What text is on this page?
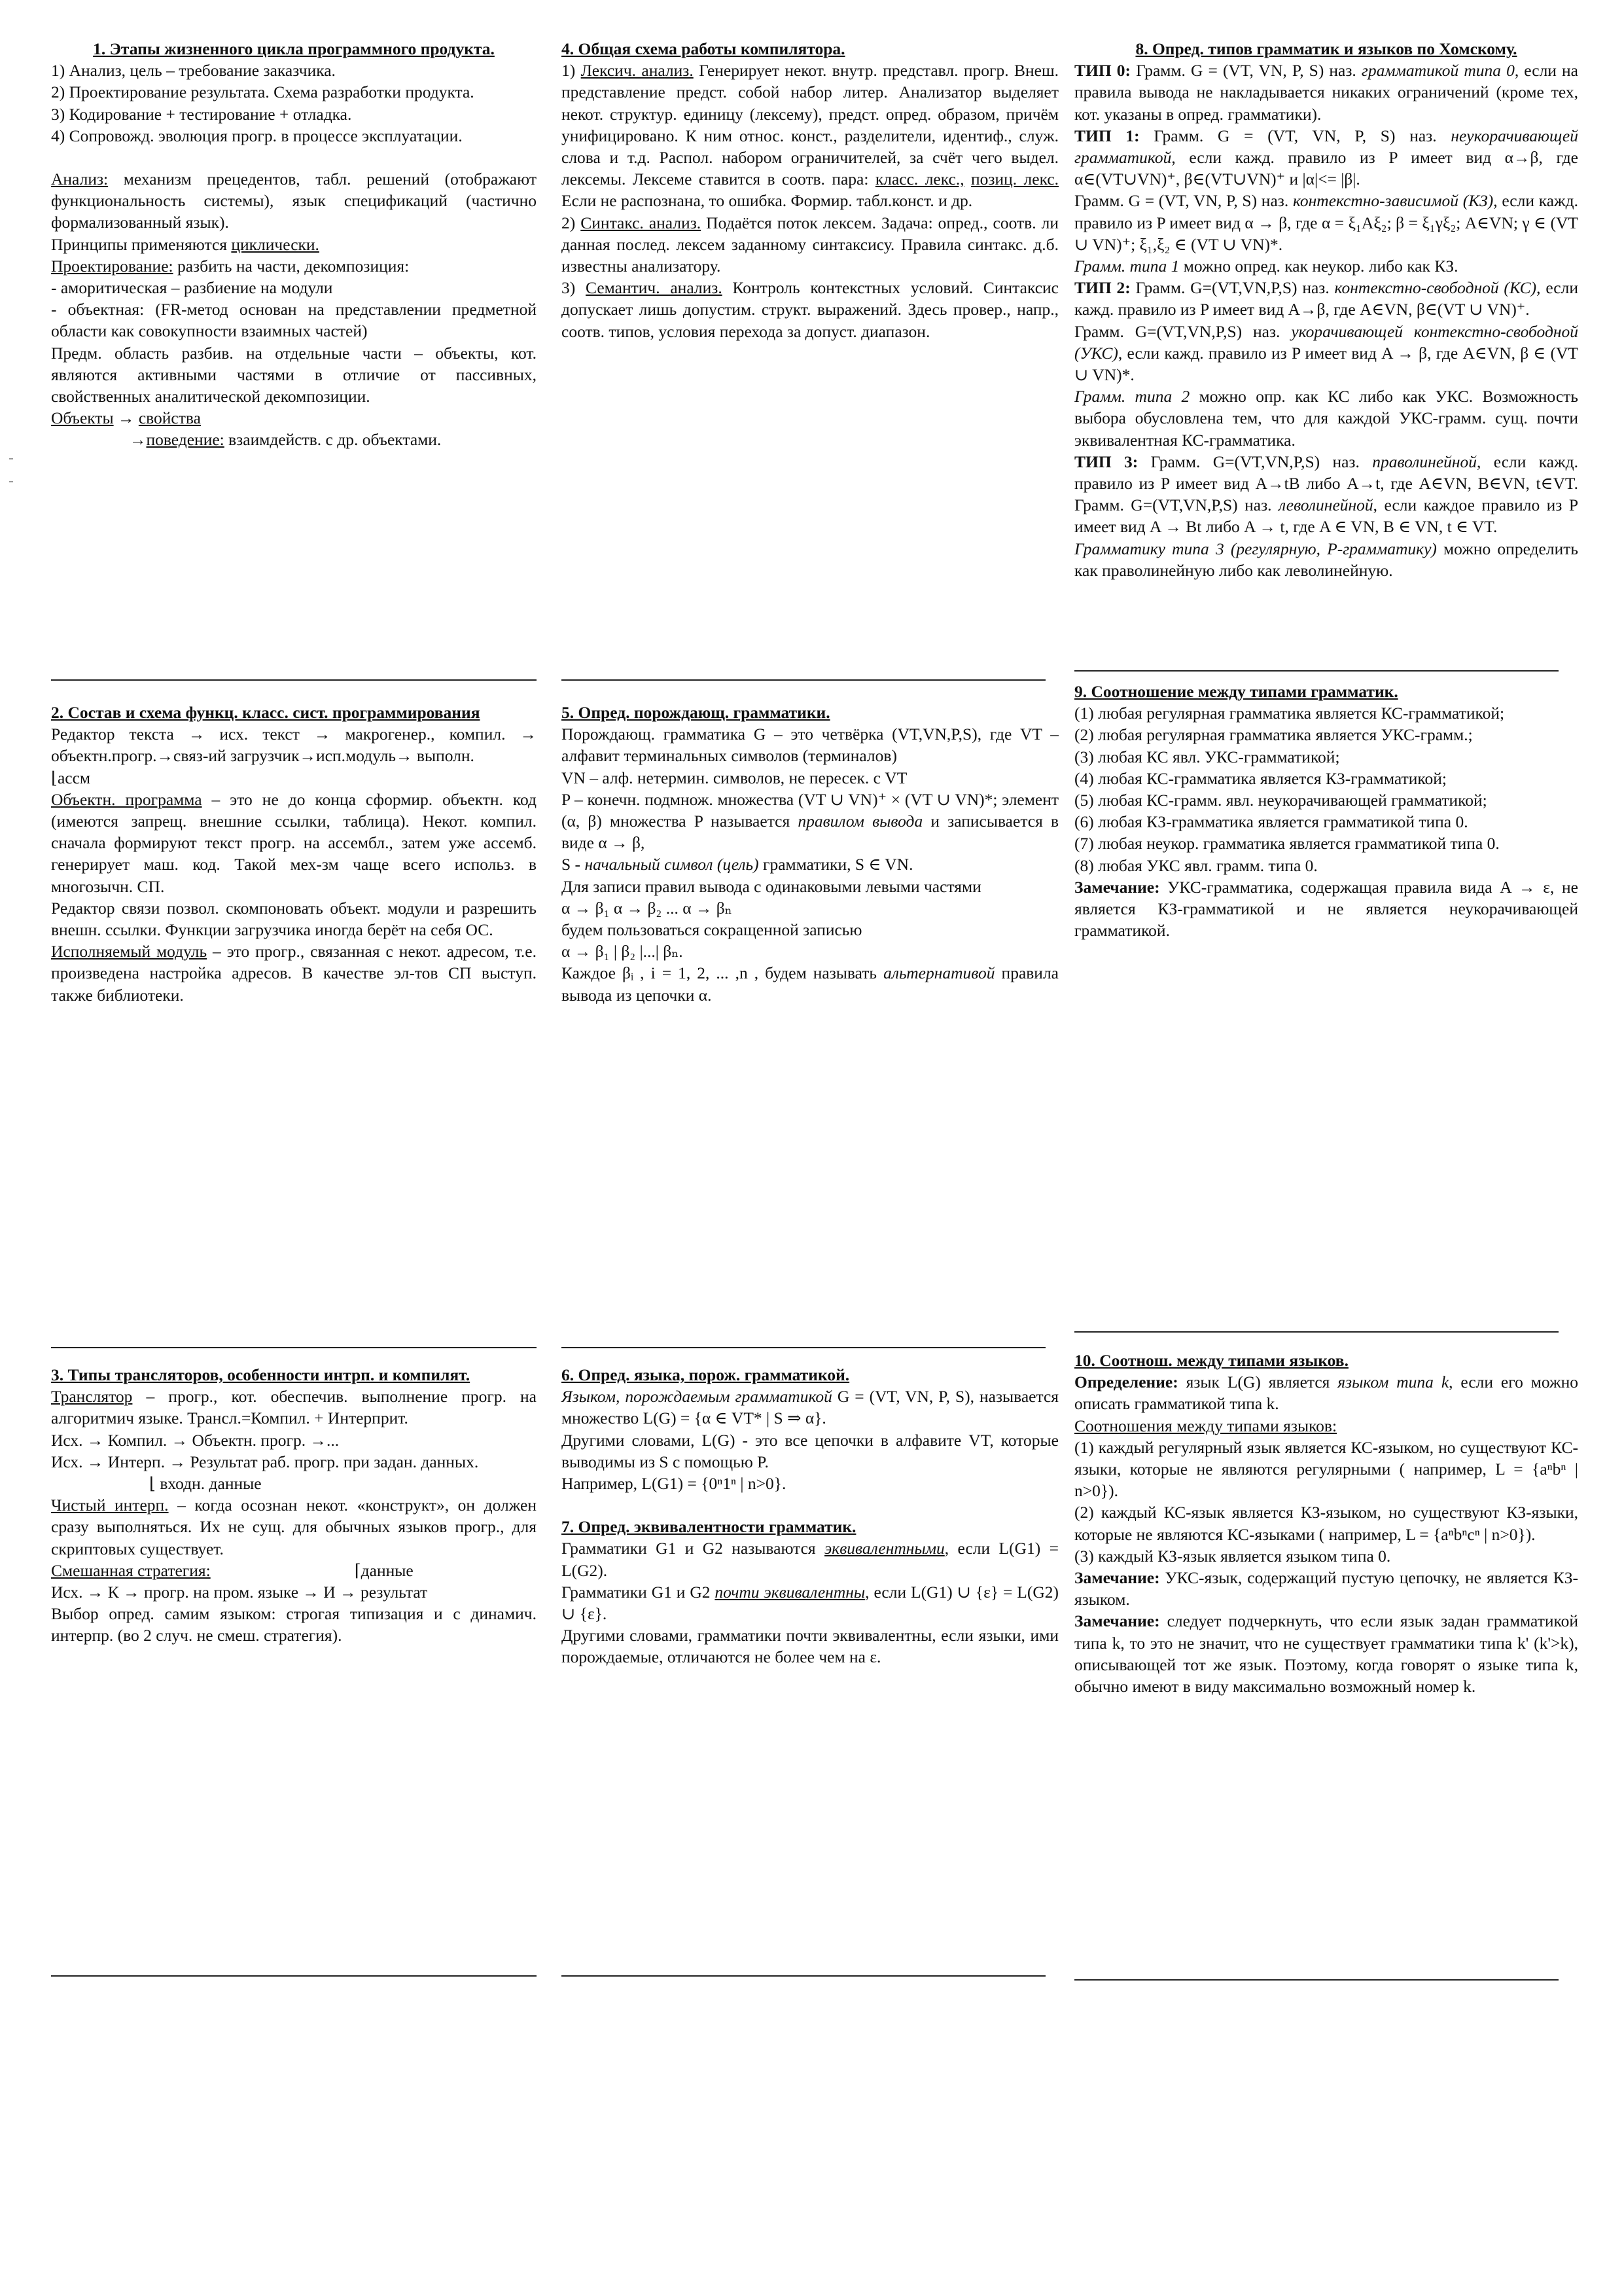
1. Этапы жизненного цикла программного продукта.

1) Анализ, цель – требование заказчика.

2) Проектирование результата. Схема разработки продукта.

3) Кодирование + тестирование + отладка.

4) Сопровожд. эволюция прогр. в процессе эксплуатации.

Анализ: механизм прецедентов, табл. решений (отображают функциональность системы), язык спецификаций (частично формализованный язык).

Принципы применяются циклически.

Проектирование: разбить на части, декомпозиция:

- аморитическая – разбиение на модули

- объектная: (FR-метод основан на представлении предметной области как совокупности взаимных частей)

Предм. область разбив. на отдельные части – объекты, кот. являются активными частями в отличие от пассивных, свойственных аналитической декомпозиции.

Объекты → свойства

→поведение: взаимдейств. с др. объектами.

4. Общая схема работы компилятора.

1) Лексич. анализ. Генерирует некот. внутр. представл. прогр. Внеш. представление предст. собой набор литер. Анализатор выделяет некот. структур. единицу (лексему), предст. опред. образом, причём унифицировано. К ним относ. конст., разделители, идентиф., служ. слова и т.д. Распол. набором ограничителей, за счёт чего выдел. лексемы. Лексеме ставится в соотв. пара: класс. лекс., позиц. лекс. Если не распознана, то ошибка. Формир. табл.конст. и др.

2) Синтакс. анализ. Подаётся поток лексем. Задача: опред., соотв. ли данная послед. лексем заданному синтаксису. Правила синтакс. д.б. известны анализатору.

3) Семантич. анализ. Контроль контекстных условий. Синтаксис допускает лишь допустим. структ. выражений. Здесь провер., напр., соотв. типов, условия перехода за допуст. диапазон.

8. Опред. типов грамматик и языков по Хомскому.

ТИП 0: Грамм. G = (VT, VN, P, S) наз. грамматикой типа 0, если на правила вывода не накладывается никаких ограничений (кроме тех, кот. указаны в опред. грамматики).

ТИП 1: Грамм. G = (VT, VN, P, S) наз. неукорачивающей грамматикой, если кажд. правило из P имеет вид α→β, где α∈(VT∪VN)⁺, β∈(VT∪VN)⁺ и |α|<= |β|.

Грамм. G = (VT, VN, P, S) наз. контекстно-зависимой (КЗ), если кажд. правило из P имеет вид α → β, где α = ξ₁Aξ₂; β = ξ₁γξ₂; A∈VN; γ ∈ (VT ∪ VN)⁺; ξ₁,ξ₂ ∈ (VT ∪ VN)*.

Грамм. типа 1 можно опред. как неукор. либо как КЗ.

ТИП 2: Грамм. G=(VT,VN,P,S) наз. контекстно-свободной (КС), если кажд. правило из P имеет вид A→β, где A∈VN, β∈(VT ∪ VN)⁺.

Грамм. G=(VT,VN,P,S) наз. укорачивающей контекстно-свободной (УКС), если кажд. правило из P имеет вид A → β, где A∈VN, β ∈ (VT ∪ VN)*.

Грамм. типа 2 можно опр. как КС либо как УКС. Возможность выбора обусловлена тем, что для каждой УКС-грамм. сущ. почти эквивалентная КС-грамматика.

ТИП 3: Грамм. G=(VT,VN,P,S) наз. праволинейной, если кажд. правило из P имеет вид A→tB либо A→t, где A∈VN, B∈VN, t∈VT. Грамм. G=(VT,VN,P,S) наз. леволинейной, если каждое правило из P имеет вид A → Bt либо A → t, где A ∈ VN, B ∈ VN, t ∈ VT.

Грамматику типа 3 (регулярную, P-грамматику) можно определить как праволинейную либо как леволинейную.

2. Состав и схема функц. класс. сист. программирования

Редактор текста → исх. текст → макрогенер., компил. → объектн.прогр.→связ-ий загрузчик→исп.модуль→ выполн.

⌊ассм

Объектн. программа – это не до конца сформир. объектн. код (имеются запрещ. внешние ссылки, таблица). Некот. компил. сначала формируют текст прогр. на ассембл., затем уже ассемб. генерирует маш. код. Такой мех-зм чаще всего использ. в многозычн. СП.

Редактор связи позвол. скомпоновать объект. модули и разрешить внешн. ссылки. Функции загрузчика иногда берёт на себя ОС.

Исполняемый модуль – это прогр., связанная с некот. адресом, т.е. произведена настройка адресов. В качестве эл-тов СП выступ. также библиотеки.

5. Опред. порождающ. грамматики.

Порождающ. грамматика G – это четвёрка (VT,VN,P,S), где VT – алфавит терминальных символов (терминалов)

VN – алф. нетермин. символов, не пересек. с VT

P – конечн. подмнож. множества (VT ∪ VN)⁺ × (VT ∪ VN)*; элемент (α, β) множества P называется правилом вывода и записывается в виде α → β,

S - начальный символ (цель) грамматики, S ∈ VN.

Для записи правил вывода с одинаковыми левыми частями

α → β₁ α → β₂ ... α → βₙ

будем пользоваться сокращенной записью

α → β₁ | β₂ |...| βₙ.

Каждое βᵢ , i = 1, 2, ... ,n , будем называть альтернативой правила вывода из цепочки α.

9. Соотношение между типами грамматик.

(1) любая регулярная грамматика является КС-грамматикой;

(2) любая регулярная грамматика является УКС-грамм.;

(3) любая КС явл. УКС-грамматикой;

(4) любая КС-грамматика является КЗ-грамматикой;

(5) любая КС-грамм. явл. неукорачивающей грамматикой;

(6) любая КЗ-грамматика является грамматикой типа 0.

(7) любая неукор. грамматика является грамматикой типа 0.

(8) любая УКС явл. грамм. типа 0.

Замечание: УКС-грамматика, содержащая правила вида A → ε, не является КЗ-грамматикой и не является неукорачивающей грамматикой.

3. Типы трансляторов, особенности интрп. и компилят.

Транслятор – прогр., кот. обеспечив. выполнение прогр. на алгоритмич языке. Трансл.=Компил. + Интерприт.

Исх. → Компил. → Объектн. прогр. →...

Исх. → Интерп. → Результат раб. прогр. при задан. данных.

⌊ входн. данные

Чистый интерп. – когда осознан некот. «конструкт», он должен сразу выполняться. Их не сущ. для обычных языков прогр., для скриптовых существует.

Смешанная стратегия:	⌈данные

Исх. → К → прогр. на пром. языке → И → результат

Выбор опред. самим языком: строгая типизация и с динамич. интерпр. (во 2 случ. не смеш. стратегия).

6. Опред. языка, порож. грамматикой.

Языком, порождаемым грамматикой G = (VT, VN, P, S), называется множество L(G) = {α ∈ VT* | S ⇒ α}.

Другими словами, L(G) - это все цепочки в алфавите VT, которые выводимы из S с помощью P.

Например, L(G1) = {0ⁿ1ⁿ | n>0}.

7. Опред. эквивалентности грамматик.

Грамматики G1 и G2 называются эквивалентными, если L(G1) = L(G2).

Грамматики G1 и G2 почти эквивалентны, если L(G1) ∪ {ε} = L(G2) ∪ {ε}.

Другими словами, грамматики почти эквивалентны, если языки, ими порождаемые, отличаются не более чем на ε.

10. Соотнош. между типами языков.

Определение: язык L(G) является языком типа k, если его можно описать грамматикой типа k.

Соотношения между типами языков:

(1) каждый регулярный язык является КС-языком, но существуют КС-языки, которые не являются регулярными ( например, L = {aⁿbⁿ | n>0}).

(2) каждый КС-язык является КЗ-языком, но существуют КЗ-языки, которые не являются КС-языками ( например, L = {aⁿbⁿcⁿ | n>0}).

(3) каждый КЗ-язык является языком типа 0.

Замечание: УКС-язык, содержащий пустую цепочку, не является КЗ-языком.

Замечание: следует подчеркнуть, что если язык задан грамматикой типа k, то это не значит, что не существует грамматики типа k' (k'>k), описывающей тот же язык. Поэтому, когда говорят о языке типа k, обычно имеют в виду максимально возможный номер k.
